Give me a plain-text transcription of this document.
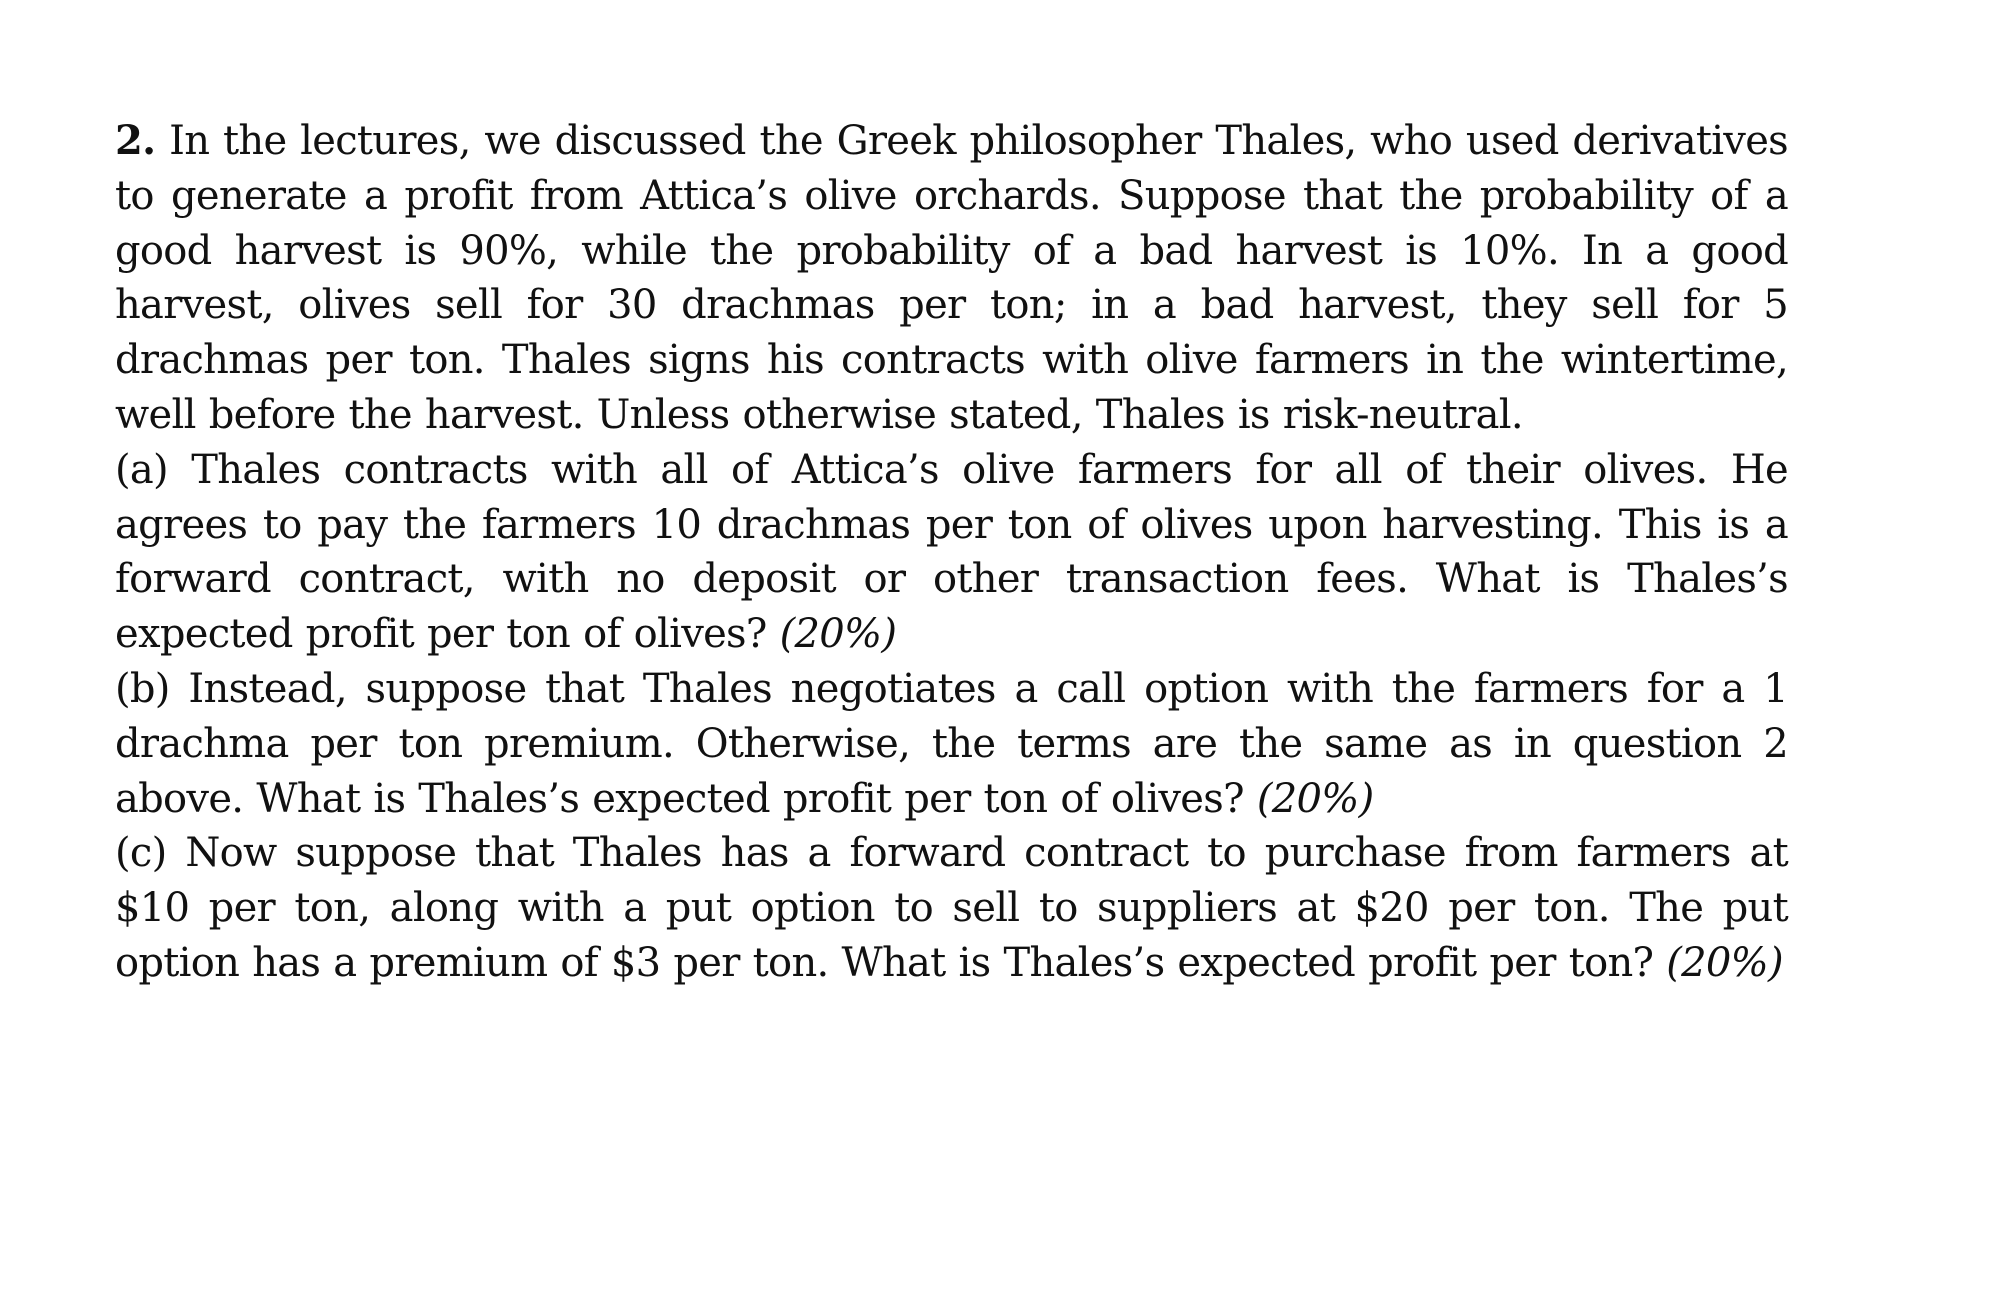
2. In the lectures, we discussed the Greek philosopher Thales, who used derivatives to generate a profit from Attica’s olive orchards. Suppose that the probability of a good harvest is 90%, while the probability of a bad harvest is 10%. In a good harvest, olives sell for 30 drachmas per ton; in a bad harvest, they sell for 5 drachmas per ton. Thales signs his contracts with olive farmers in the wintertime, well before the harvest. Unless otherwise stated, Thales is risk-neutral.

(a) Thales contracts with all of Attica’s olive farmers for all of their olives. He agrees to pay the farmers 10 drachmas per ton of olives upon harvesting. This is a forward contract, with no deposit or other transaction fees. What is Thales’s expected profit per ton of olives? (20%)

(b) Instead, suppose that Thales negotiates a call option with the farmers for a 1 drachma per ton premium. Otherwise, the terms are the same as in question 2 above. What is Thales’s expected profit per ton of olives? (20%)

(c) Now suppose that Thales has a forward contract to purchase from farmers at $10 per ton, along with a put option to sell to suppliers at $20 per ton. The put option has a premium of $3 per ton. What is Thales’s expected profit per ton? (20%)
